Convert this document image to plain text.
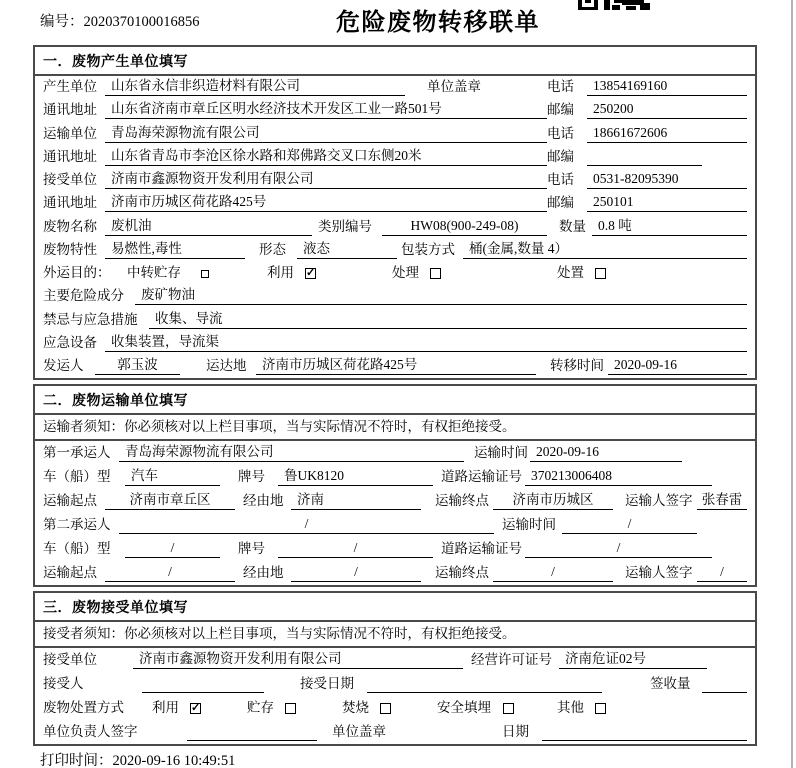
编号：2020370100016856	危险废物转移联单
一．废物产生单位填写
产生单位	山东省永信非织造材料有限公司	单位盖章	电话	13854169160
通讯地址	山东省济南市章丘区明水经济技术开发区工业一路501号	邮编	250200
运输单位	青岛海荣源物流有限公司	电话	18661672606
通讯地址	山东省青岛市李沧区徐水路和郑佛路交叉口东侧20米	邮编
接受单位	济南市鑫源物资开发利用有限公司	电话	0531-82095390
通讯地址	济南市历城区荷花路425号	邮编	250101
废物名称	废机油	类别编号	HW08(900-249-08)	数量 0.8 吨
废物特性	易燃性,毒性	形态	液态	包装方式	桶(金属,数量 4）
外运目的：	中转贮存	利用	✓	处理	处置
主要危险成分	废矿物油
禁忌与应急措施	收集、导流
应急设备	收集装置，导流渠
发运人	郭玉波	运达地	济南市历城区荷花路425号	转移时间 2020-09-16
二．废物运输单位填写
运输者须知： 你必须核对以上栏目事项，当与实际情况不符时，有权拒绝接受。
第一承运人	青岛海荣源物流有限公司	运输时间 2020-09-16
车（船）型	汽车	牌号	鲁UK8120	道路运输证号 370213006408
运输起点	济南市章丘区	经由地	济南	运输终点	济南市历城区	运输人签字 张春雷
第二承运人	/	运输时间	/
车（船）型	/	牌号	/	道路运输证号	/
运输起点	/	经由地	/	运输终点	/	运输人签字	/
三．废物接受单位填写
接受者须知： 你必须核对以上栏目事项，当与实际情况不符时，有权拒绝接受。
接受单位	济南市鑫源物资开发利用有限公司	经营许可证号 济南危证02号
接受人	接受日期	签收量
废物处置方式	利用	✓	贮存	焚烧	安全填埋	其他
单位负责人签字	单位盖章	日期
打印时间：2020-09-16 10:49:51
